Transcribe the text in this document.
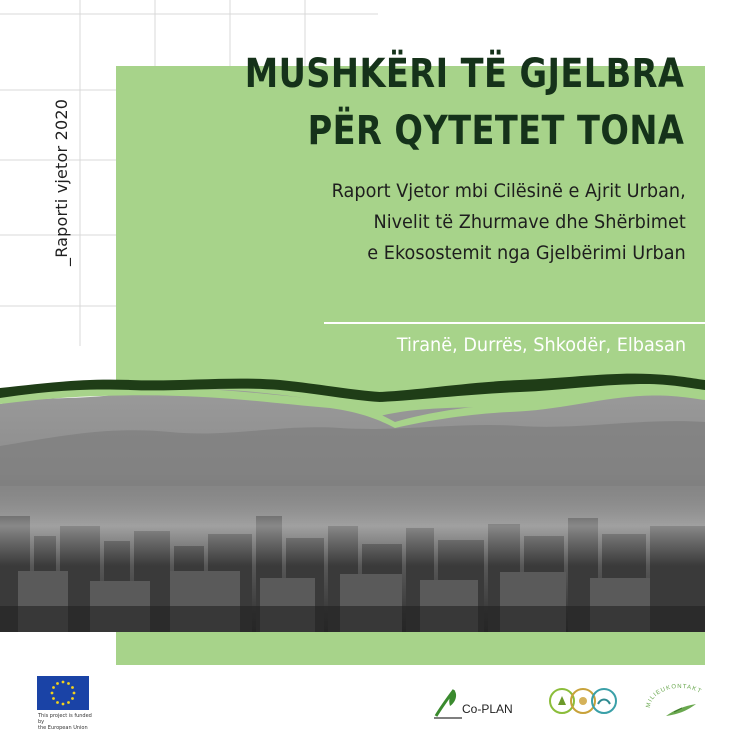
_Raporti vjetor 2020
MUSHKËRI TË GJELBRA
PËR QYTETET TONA
Raport Vjetor mbi Cilësinë e Ajrit Urban,
Nivelit të Zhurmave dhe Shërbimet
e Ekosostemit nga Gjelbërimi Urban
Tiranë, Durrës, Shkodër, Elbasan
This project is funded by
the European Union
Co-PLAN	MILIEUKONTAKT
